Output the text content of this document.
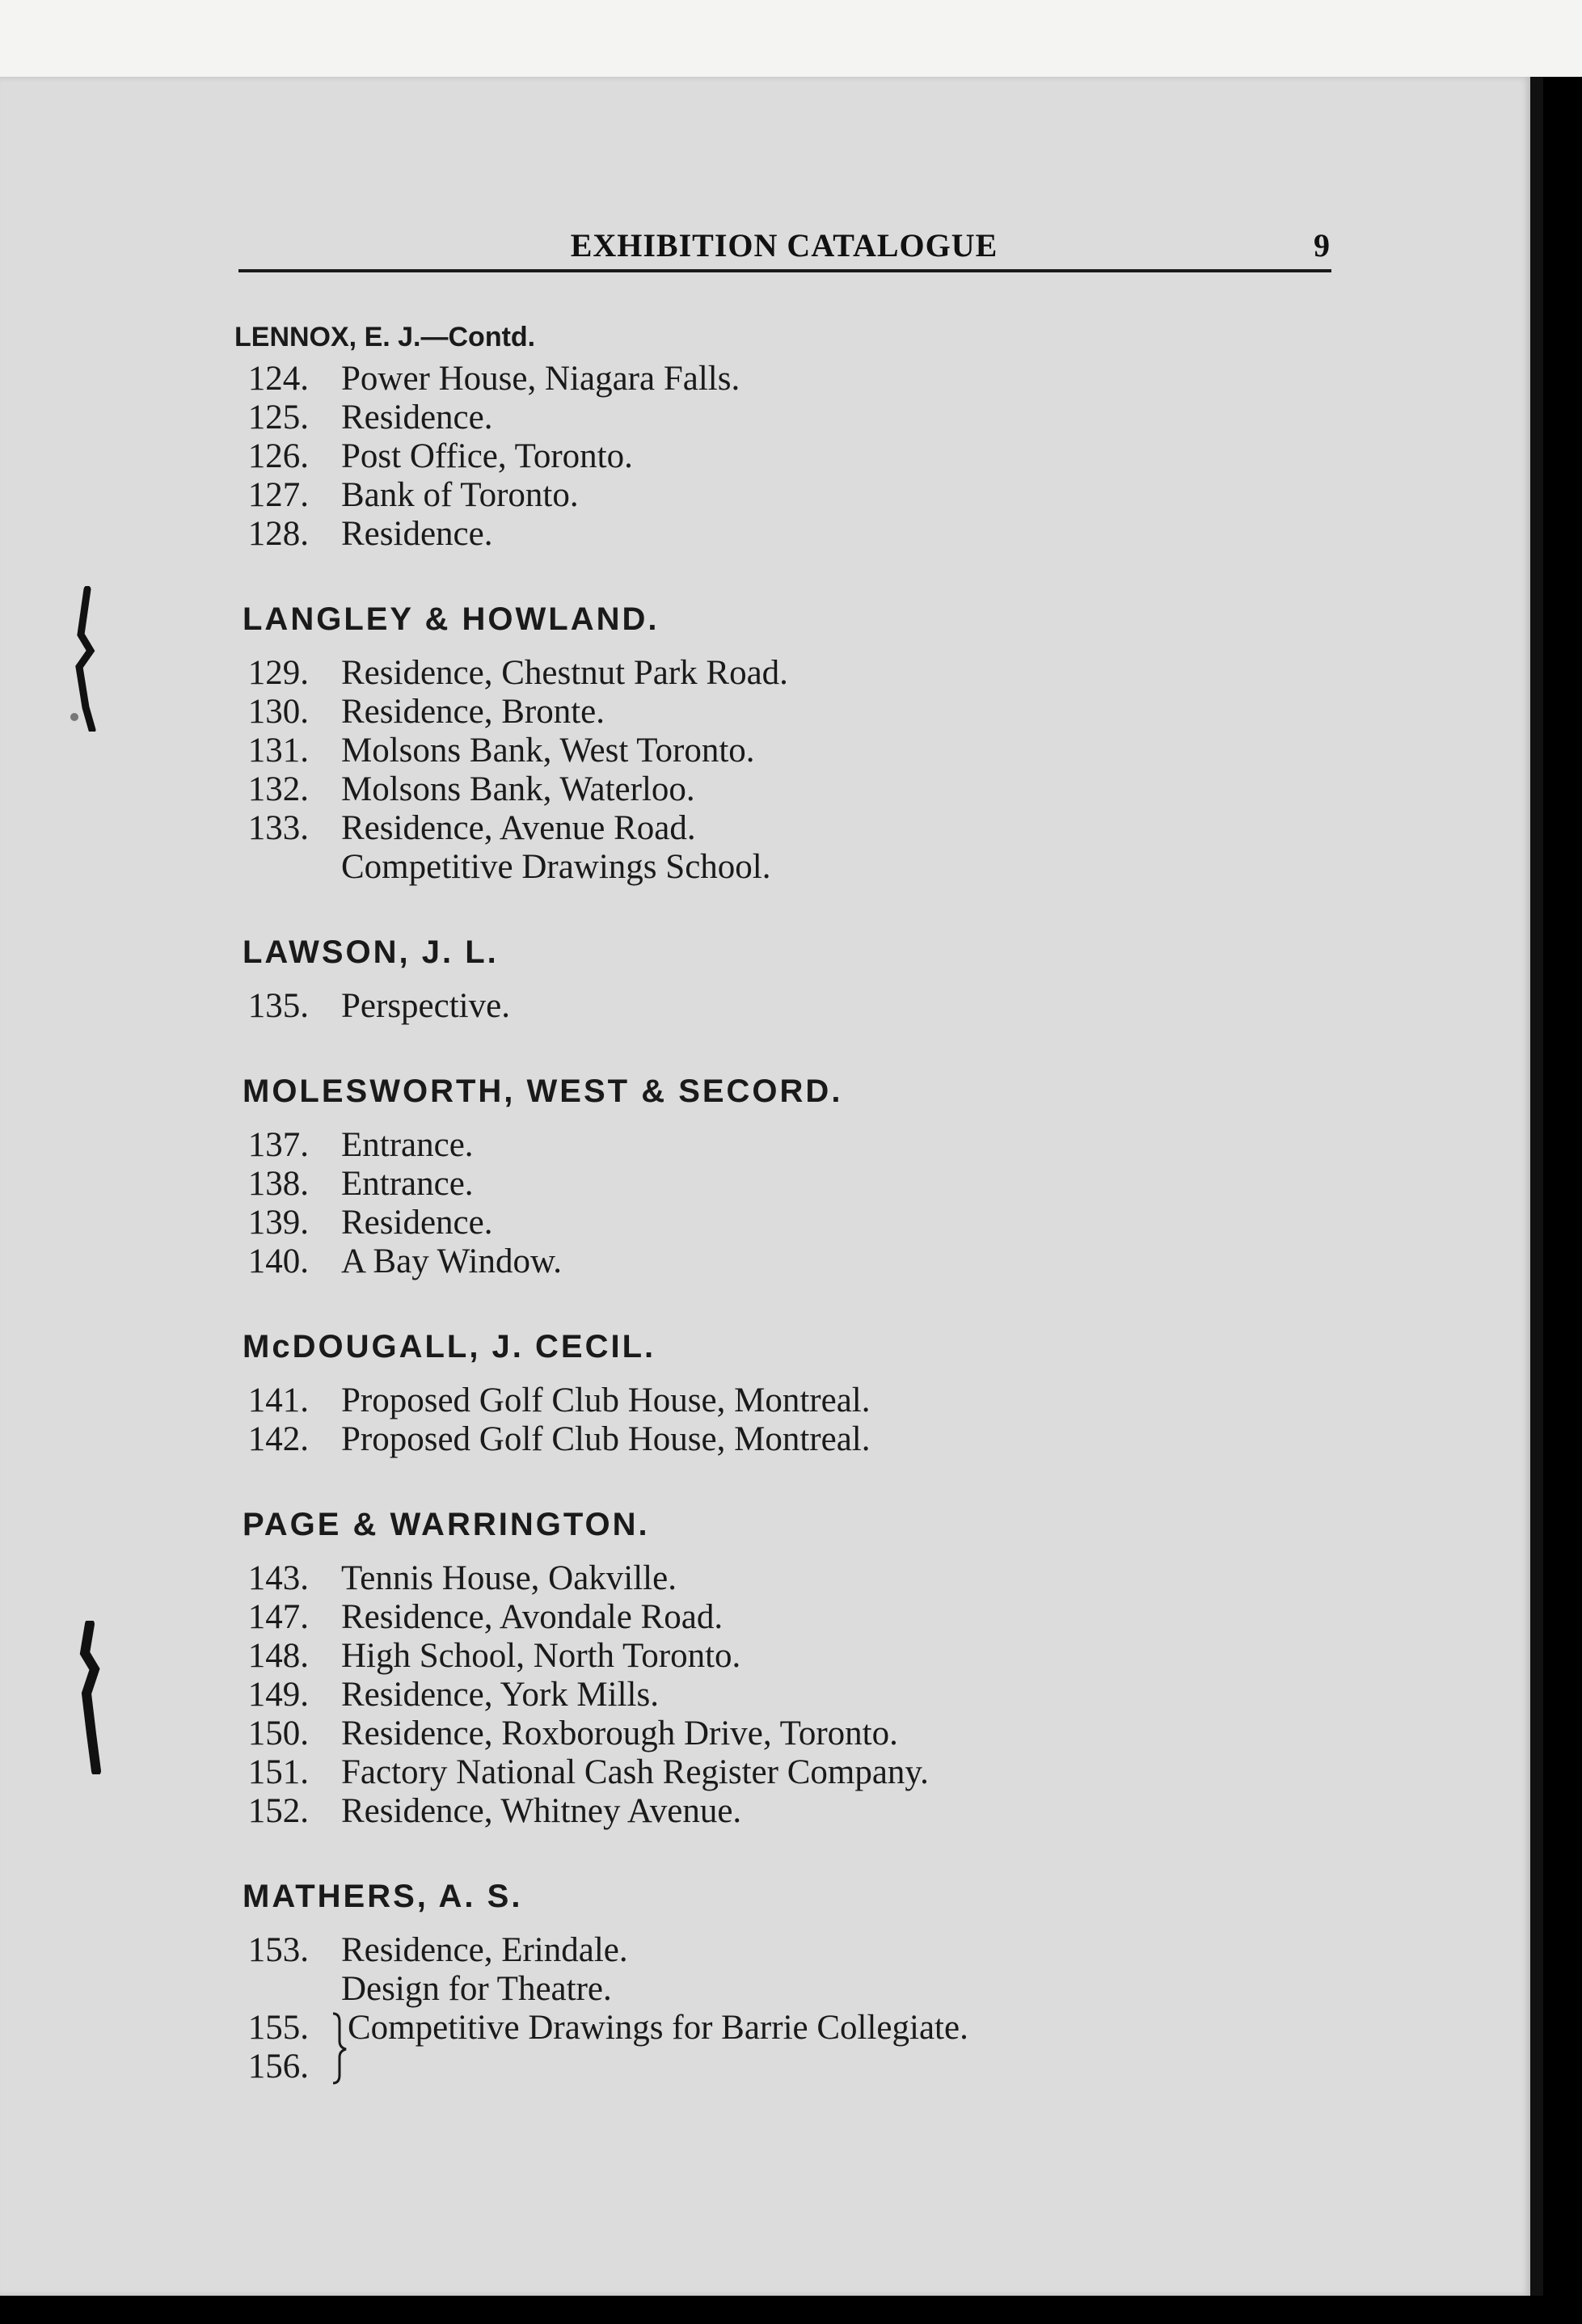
EXHIBITION CATALOGUE	9
LENNOX, E. J.—Contd.
124. Power House, Niagara Falls.
125. Residence.
126. Post Office, Toronto.
127. Bank of Toronto.
128. Residence.
LANGLEY & HOWLAND.
129. Residence, Chestnut Park Road.
130. Residence, Bronte.
131. Molsons Bank, West Toronto.
132. Molsons Bank, Waterloo.
133. Residence, Avenue Road.
Competitive Drawings School.
LAWSON, J. L.
135. Perspective.
MOLESWORTH, WEST & SECORD.
137. Entrance.
138. Entrance.
139. Residence.
140. A Bay Window.
McDOUGALL, J. CECIL.
141. Proposed Golf Club House, Montreal.
142. Proposed Golf Club House, Montreal.
PAGE & WARRINGTON.
143. Tennis House, Oakville.
147. Residence, Avondale Road.
148. High School, North Toronto.
149. Residence, York Mills.
150. Residence, Roxborough Drive, Toronto.
151. Factory National Cash Register Company.
152. Residence, Whitney Avenue.
MATHERS, A. S.
153. Residence, Erindale.
Design for Theatre.
155.
156.
Competitive Drawings for Barrie Collegiate.
